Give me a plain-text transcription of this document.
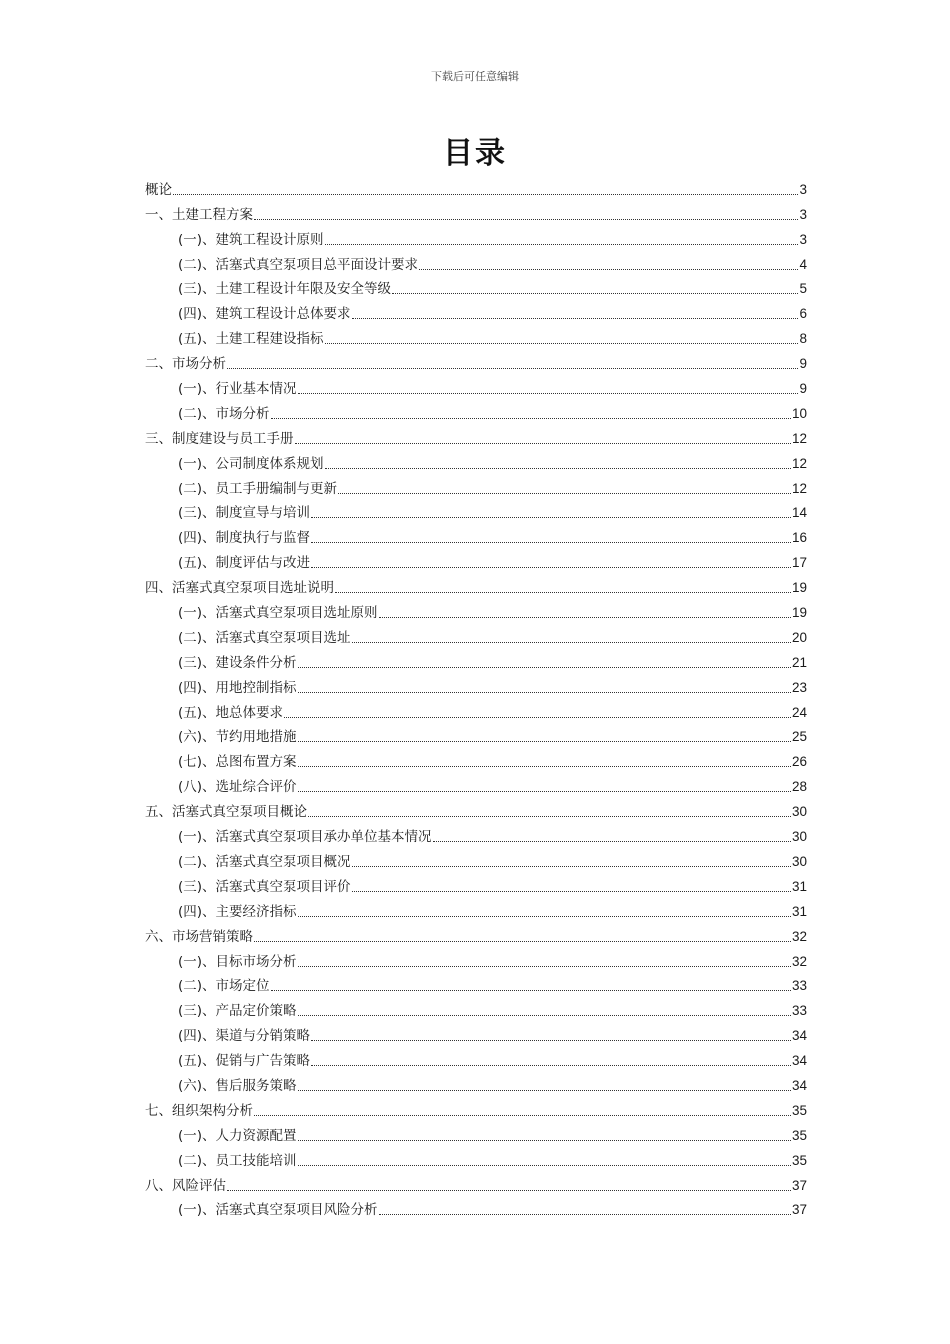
下载后可任意编辑
目录
概论	3
一、土建工程方案	3
(一)、建筑工程设计原则	3
(二)、活塞式真空泵项目总平面设计要求	4
(三)、土建工程设计年限及安全等级	5
(四)、建筑工程设计总体要求	6
(五)、土建工程建设指标	8
二、市场分析	9
(一)、行业基本情况	9
(二)、市场分析	10
三、制度建设与员工手册	12
(一)、公司制度体系规划	12
(二)、员工手册编制与更新	12
(三)、制度宣导与培训	14
(四)、制度执行与监督	16
(五)、制度评估与改进	17
四、活塞式真空泵项目选址说明	19
(一)、活塞式真空泵项目选址原则	19
(二)、活塞式真空泵项目选址	20
(三)、建设条件分析	21
(四)、用地控制指标	23
(五)、地总体要求	24
(六)、节约用地措施	25
(七)、总图布置方案	26
(八)、选址综合评价	28
五、活塞式真空泵项目概论	30
(一)、活塞式真空泵项目承办单位基本情况	30
(二)、活塞式真空泵项目概况	30
(三)、活塞式真空泵项目评价	31
(四)、主要经济指标	31
六、市场营销策略	32
(一)、目标市场分析	32
(二)、市场定位	33
(三)、产品定价策略	33
(四)、渠道与分销策略	34
(五)、促销与广告策略	34
(六)、售后服务策略	34
七、组织架构分析	35
(一)、人力资源配置	35
(二)、员工技能培训	35
八、风险评估	37
(一)、活塞式真空泵项目风险分析	37
